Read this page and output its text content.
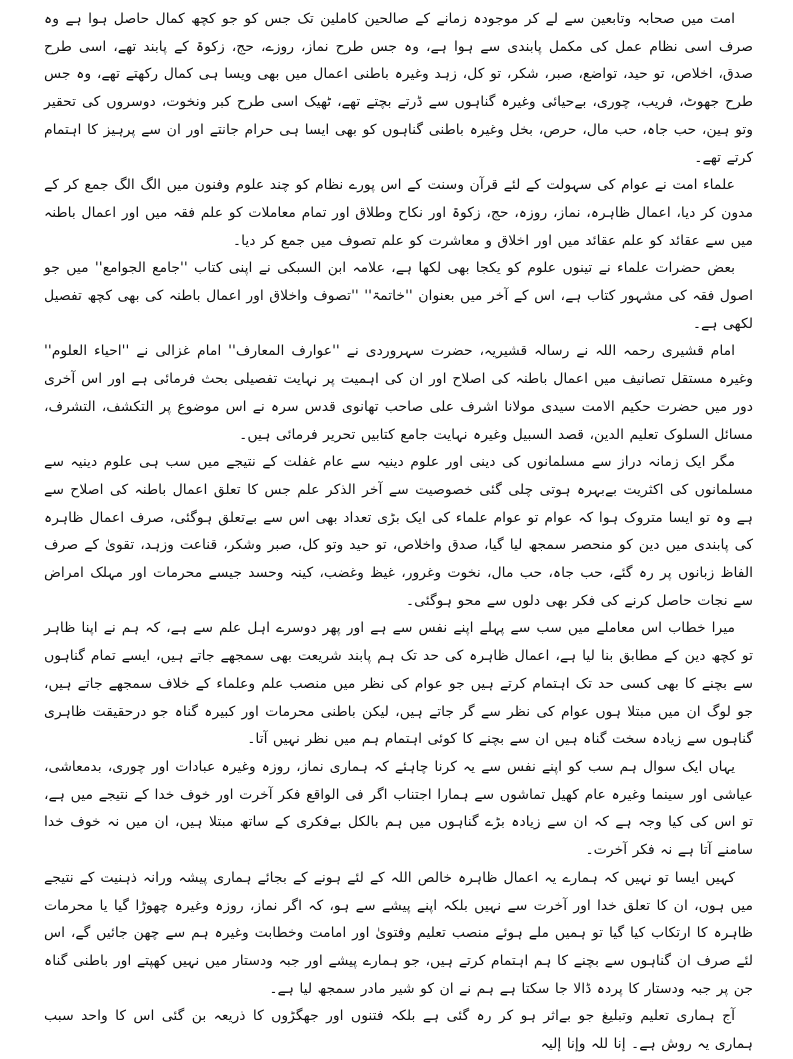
امت میں صحابہ وتابعین سے لے کر موجودہ زمانے کے صالحین کاملین تک جس کو جو کچھ کمال حاصل ہوا ہے وہ صرف اسی نظام عمل کی مکمل پابندی سے ہوا ہے، وہ جس طرح نماز، روزے، حج، زکوۃ کے پابند تھے، اسی طرح صدق، اخلاص، تو حید، تواضع، صبر، شکر، تو کل، زہد وغیرہ باطنی اعمال میں بھی ویسا ہی کمال رکھتے تھے، وہ جس طرح جھوٹ، فریب، چوری، بےحیائی وغیرہ گناہوں سے ڈرتے بچتے تھے، ٹھیک اسی طرح کبر ونخوت، دوسروں کی تحقیر وتو ہین، حب جاہ، حب مال، حرص، بخل وغیرہ باطنی گناہوں کو بھی ایسا ہی حرام جانتے اور ان سے پرہیز کا اہتمام کرتے تھے۔

علماء امت نے عوام کی سہولت کے لئے قرآن وسنت کے اس پورے نظام کو چند علوم وفنون میں الگ الگ جمع کر کے مدون کر دیا، اعمال ظاہرہ، نماز، روزہ، حج، زکوۃ اور نکاح وطلاق اور تمام معاملات کو علم فقہ میں اور اعمال باطنہ میں سے عقائد کو علم عقائد میں اور اخلاق و معاشرت کو علم تصوف میں جمع کر دیا۔

بعض حضرات علماء نے تینوں علوم کو یکجا بھی لکھا ہے، علامہ ابن السبکی نے اپنی کتاب ''جامع الجوامع'' میں جو اصول فقہ کی مشہور کتاب ہے، اس کے آخر میں بعنوان ''خاتمۃ'' ''تصوف واخلاق اور اعمال باطنہ کی بھی کچھ تفصیل لکھی ہے۔

امام قشیری رحمہ اللہ نے رسالہ قشیریہ، حضرت سہروردی نے ''عوارف المعارف'' امام غزالی نے ''احیاء العلوم'' وغیرہ مستقل تصانیف میں اعمال باطنہ کی اصلاح اور ان کی اہمیت پر نہایت تفصیلی بحث فرمائی ہے اور اس آخری دور میں حضرت حکیم الامت سیدی مولانا اشرف علی صاحب تھانوی قدس سرہ نے اس موضوع پر التکشف، التشرف، مسائل السلوک تعلیم الدین، قصد السبیل وغیرہ نہایت جامع کتابیں تحریر فرمائی ہیں۔

مگر ایک زمانہ دراز سے مسلمانوں کی دینی اور علوم دینیہ سے عام غفلت کے نتیجے میں سب ہی علوم دینیہ سے مسلمانوں کی اکثریت بےبہرہ ہوتی چلی گئی خصوصیت سے آخر الذکر علم جس کا تعلق اعمال باطنہ کی اصلاح سے ہے وہ تو ایسا متروک ہوا کہ عوام تو عوام علماء کی ایک بڑی تعداد بھی اس سے بےتعلق ہوگئی، صرف اعمال ظاہرہ کی پابندی میں دین کو منحصر سمجھ لیا گیا، صدق واخلاص، تو حید وتو کل، صبر وشکر، قناعت وزہد، تقویٰ کے صرف الفاظ زبانوں پر رہ گئے، حب جاہ، حب مال، نخوت وغرور، غیظ وغضب، کینہ وحسد جیسے محرمات اور مہلک امراض سے نجات حاصل کرنے کی فکر بھی دلوں سے محو ہوگئی۔

میرا خطاب اس معاملے میں سب سے پہلے اپنے نفس سے ہے اور پھر دوسرے اہل علم سے ہے، کہ ہم نے اپنا ظاہر تو کچھ دین کے مطابق بنا لیا ہے، اعمال ظاہرہ کی حد تک ہم پابند شریعت بھی سمجھے جاتے ہیں، ایسے تمام گناہوں سے بچنے کا بھی کسی حد تک اہتمام کرتے ہیں جو عوام کی نظر میں منصب علم وعلماء کے خلاف سمجھے جاتے ہیں، جو لوگ ان میں مبتلا ہوں عوام کی نظر سے گر جاتے ہیں، لیکن باطنی محرمات اور کبیرہ گناہ جو درحقیقت ظاہری گناہوں سے زیادہ سخت گناہ ہیں ان سے بچنے کا کوئی اہتمام ہم میں نظر نہیں آتا۔

یہاں ایک سوال ہم سب کو اپنے نفس سے یہ کرنا چاہئے کہ ہماری نماز، روزہ وغیرہ عبادات اور چوری، بدمعاشی، عیاشی اور سینما وغیرہ عام کھیل تماشوں سے ہمارا اجتناب اگر فی الواقع فکر آخرت اور خوف خدا کے نتیجے میں ہے، تو اس کی کیا وجہ ہے کہ ان سے زیادہ بڑے گناہوں میں ہم بالکل بےفکری کے ساتھ مبتلا ہیں، ان میں نہ خوف خدا سامنے آتا ہے نہ فکر آخرت۔

کہیں ایسا تو نہیں کہ ہمارے یہ اعمال ظاہرہ خالص اللہ کے لئے ہونے کے بجائے ہماری پیشہ ورانہ ذہنیت کے نتیجے میں ہوں، ان کا تعلق خدا اور آخرت سے نہیں بلکہ اپنے پیشے سے ہو، کہ اگر نماز، روزہ وغیرہ چھوڑا گیا یا محرمات ظاہرہ کا ارتکاب کیا گیا تو ہمیں ملے ہوئے منصب تعلیم وفتویٰ اور امامت وخطابت وغیرہ ہم سے چھن جائیں گے، اس لئے صرف ان گناہوں سے بچنے کا ہم اہتمام کرتے ہیں، جو ہمارے پیشے اور جبہ ودستار میں نہیں کھپتے اور باطنی گناہ جن پر جبہ ودستار کا پردہ ڈالا جا سکتا ہے ہم نے ان کو شیر مادر سمجھ لیا ہے۔

آج ہماری تعلیم وتبلیغ جو بےاثر ہو کر رہ گئی ہے بلکہ فتنوں اور جھگڑوں کا ذریعہ بن گئی اس کا واحد سبب ہماری یہ روش ہے۔ إنا للہ وإنا إلیہ
